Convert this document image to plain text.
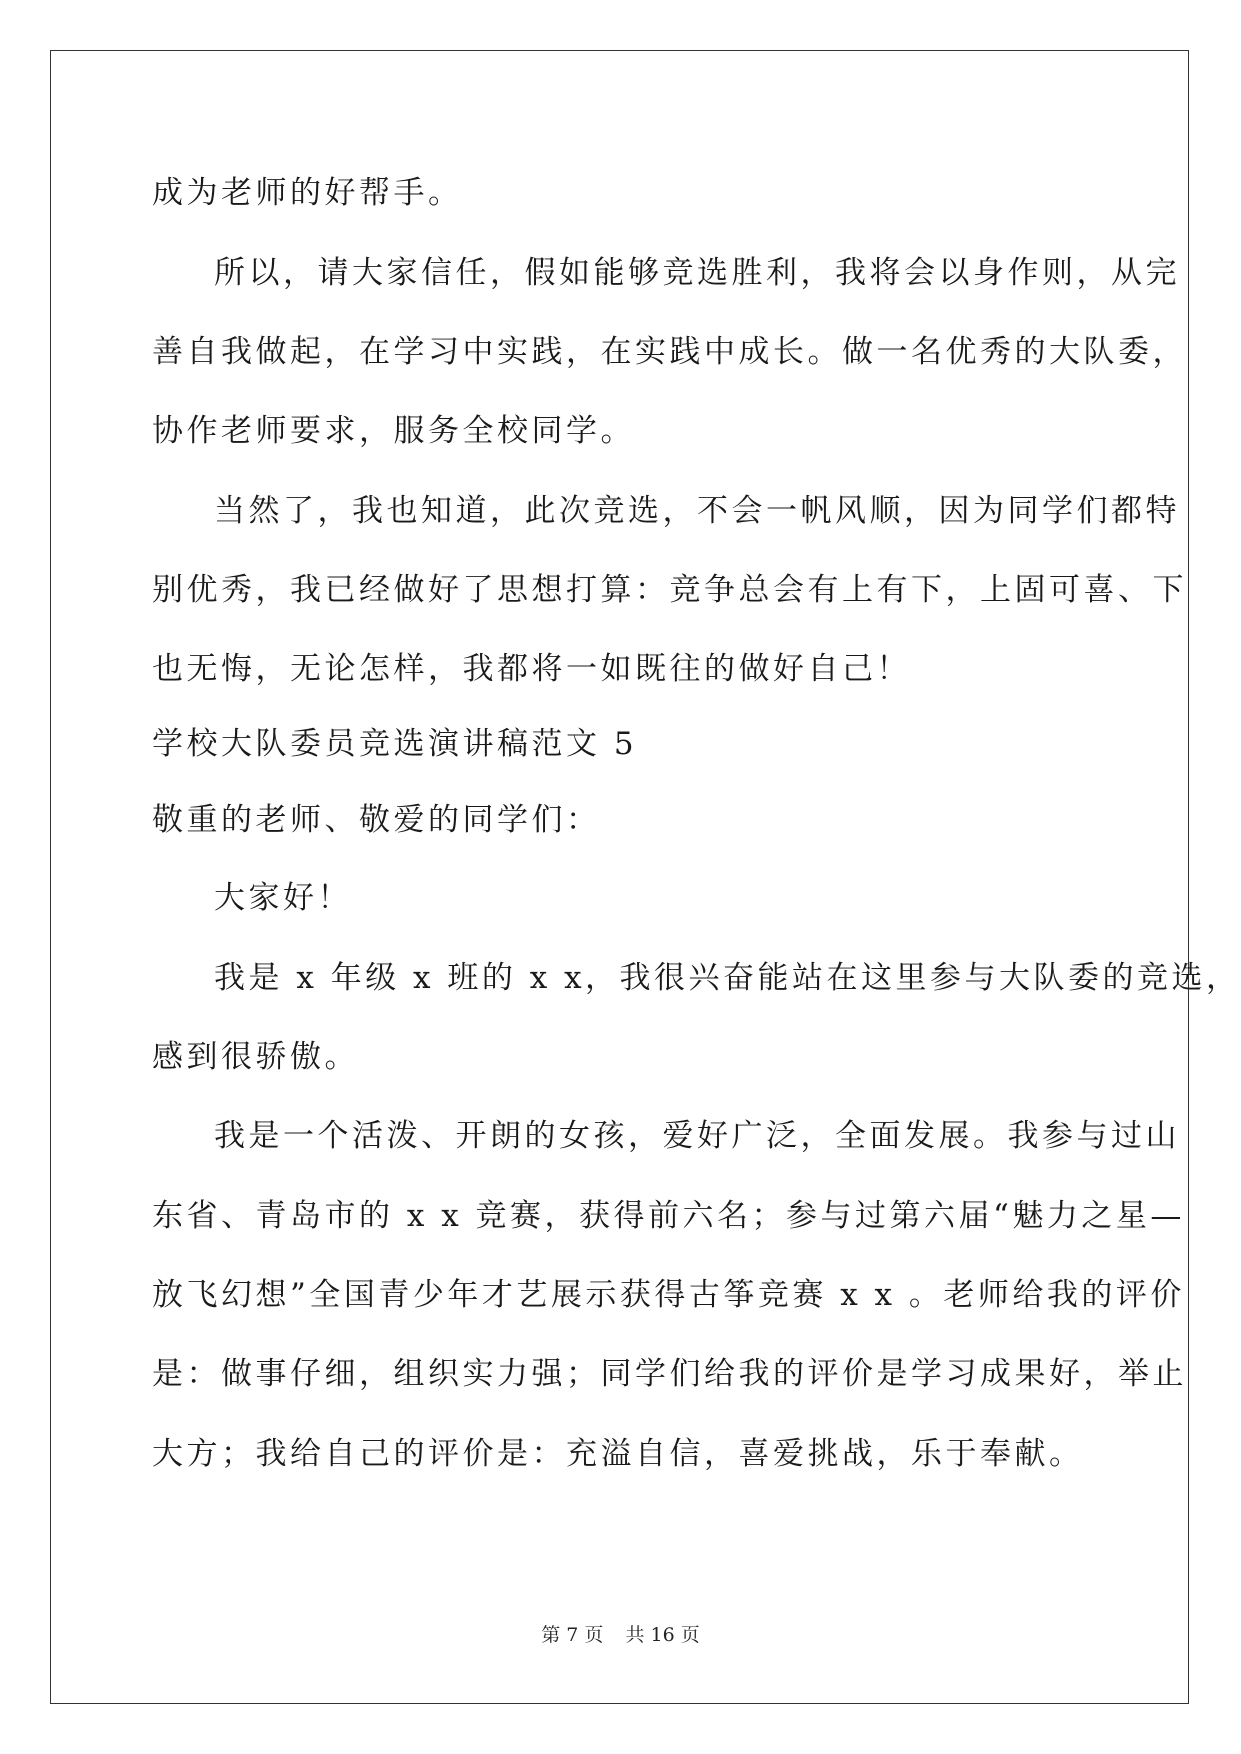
成为老师的好帮手。

所以，请大家信任，假如能够竞选胜利，我将会以身作则，从完

善自我做起，在学习中实践，在实践中成长。做一名优秀的大队委，

协作老师要求，服务全校同学。

当然了，我也知道，此次竞选，不会一帆风顺，因为同学们都特

别优秀，我已经做好了思想打算：竞争总会有上有下，上固可喜、下

也无悔，无论怎样，我都将一如既往的做好自己！

学校大队委员竞选演讲稿范文 5

敬重的老师、敬爱的同学们：

大家好！

我是 x 年级 x 班的 x x，我很兴奋能站在这里参与大队委的竞选，

感到很骄傲。

我是一个活泼、开朗的女孩，爱好广泛，全面发展。我参与过山

东省、青岛市的 x x 竞赛，获得前六名；参与过第六届“魅力之星—

放飞幻想”全国青少年才艺展示获得古筝竞赛 x x 。老师给我的评价

是：做事仔细，组织实力强；同学们给我的评价是学习成果好，举止

大方；我给自己的评价是：充溢自信，喜爱挑战，乐于奉献。

第 7 页 共 16 页
